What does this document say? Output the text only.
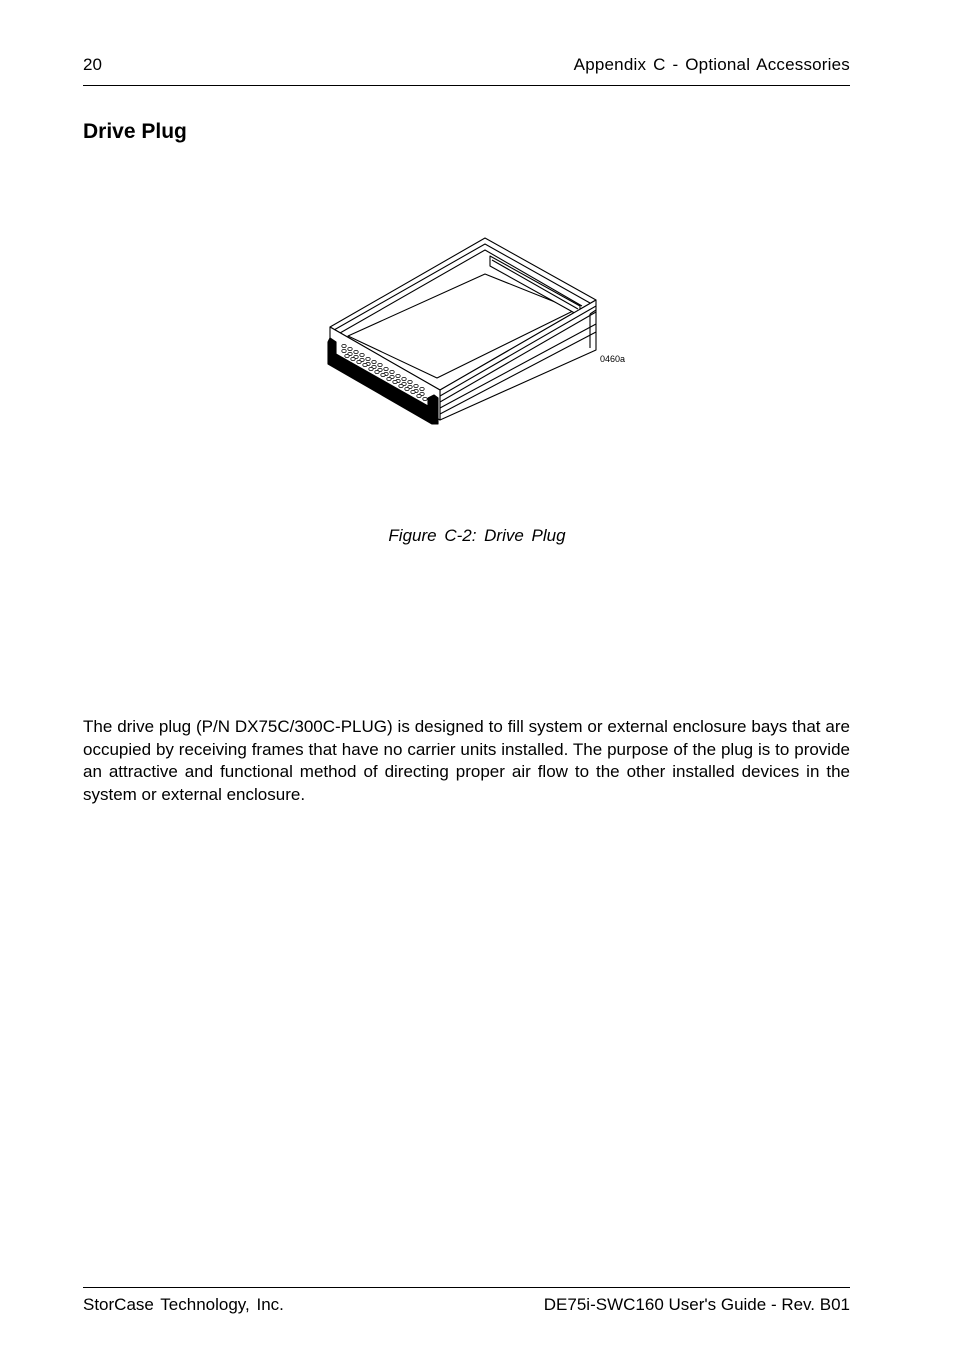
20	Appendix C - Optional Accessories
Drive Plug
0460a
Figure C-2: Drive Plug

The drive plug (P/N DX75C/300C-PLUG) is designed to fill system or external enclosure bays that are occupied by receiving frames that have no carrier units installed. The purpose of the plug is to provide an attractive and functional method of directing proper air flow to the other installed devices in the system or external enclosure.

StorCase Technology, Inc.	DE75i-SWC160 User's Guide - Rev. B01
